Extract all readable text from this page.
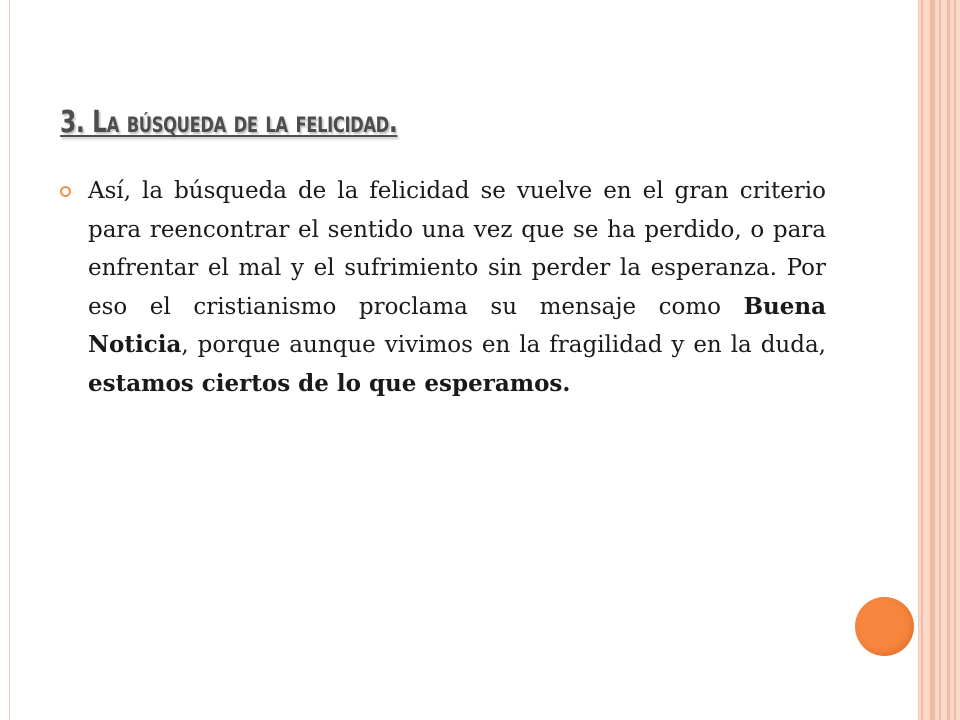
3. La búsqueda de la felicidad.

Así, la búsqueda de la felicidad se vuelve en el gran criterio para reencontrar el sentido una vez que se ha perdido, o para enfrentar el mal y el sufrimiento sin perder la esperanza. Por eso el cristianismo proclama su mensaje como Buena Noticia, porque aunque vivimos en la fragilidad y en la duda, estamos ciertos de lo que esperamos.
